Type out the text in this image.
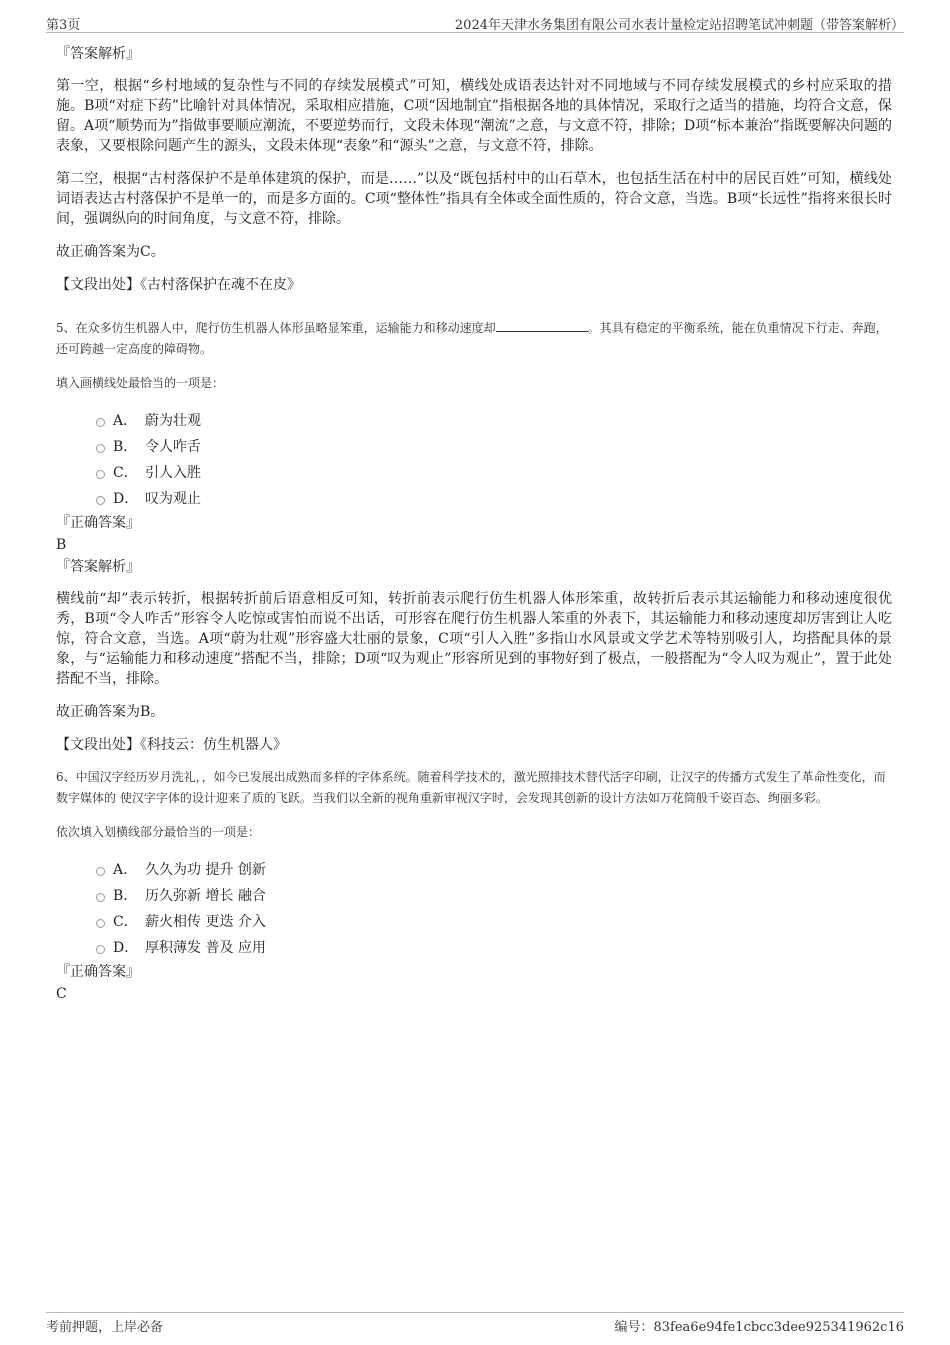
第3页	2024年天津水务集团有限公司水表计量检定站招聘笔试冲刺题（带答案解析）
『答案解析』

第一空，根据“乡村地域的复杂性与不同的存续发展模式”可知，横线处成语表达针对不同地域与不同存续发展模式的乡村应采取的措施。B项“对症下药”比喻针对具体情况，采取相应措施，C项“因地制宜”指根据各地的具体情况，采取行之适当的措施，均符合文意，保留。A项“顺势而为”指做事要顺应潮流，不要逆势而行，文段未体现“潮流”之意，与文意不符，排除；D项“标本兼治”指既要解决问题的表象，又要根除问题产生的源头，文段未体现“表象”和“源头”之意，与文意不符，排除。

第二空，根据“古村落保护不是单体建筑的保护，而是……”以及“既包括村中的山石草木，也包括生活在村中的居民百姓”可知，横线处词语表达古村落保护不是单一的，而是多方面的。C项“整体性”指具有全体或全面性质的，符合文意，当选。B项“长远性”指将来很长时间，强调纵向的时间角度，与文意不符，排除。

故正确答案为C。

【文段出处】《古村落保护在魂不在皮》

5、在众多仿生机器人中，爬行仿生机器人体形虽略显笨重，运输能力和移动速度却	。其具有稳定的平衡系统，能在负重情况下行走、奔跑，还可跨越一定高度的障碍物。

填入画横线处最恰当的一项是：

A． 蔚为壮观
B． 令人咋舌
C． 引人入胜
D． 叹为观止
『正确答案』
B
『答案解析』

横线前“却”表示转折，根据转折前后语意相反可知，转折前表示爬行仿生机器人体形笨重，故转折后表示其运输能力和移动速度很优秀，B项“令人咋舌”形容令人吃惊或害怕而说不出话，可形容在爬行仿生机器人笨重的外表下，其运输能力和移动速度却厉害到让人吃惊，符合文意，当选。A项“蔚为壮观”形容盛大壮丽的景象，C项“引人入胜”多指山水风景或文学艺术等特别吸引人，均搭配具体的景象，与“运输能力和移动速度”搭配不当，排除；D项“叹为观止”形容所见到的事物好到了极点，一般搭配为“令人叹为观止”，置于此处搭配不当，排除。

故正确答案为B。

【文段出处】《科技云：仿生机器人》

6、中国汉字经历岁月洗礼，，如今已发展出成熟而多样的字体系统。随着科学技术的，激光照排技术替代活字印刷，让汉字的传播方式发生了革命性变化，而数字媒体的 使汉字字体的设计迎来了质的飞跃。当我们以全新的视角重新审视汉字时，会发现其创新的设计方法如万花筒般千姿百态、绚丽多彩。

依次填入划横线部分最恰当的一项是：

A． 久久为功 提升 创新
B． 历久弥新 增长 融合
C． 薪火相传 更迭 介入
D． 厚积薄发 普及 应用
『正确答案』
C
考前押题，上岸必备	编号：83fea6e94fe1cbcc3dee925341962c16
